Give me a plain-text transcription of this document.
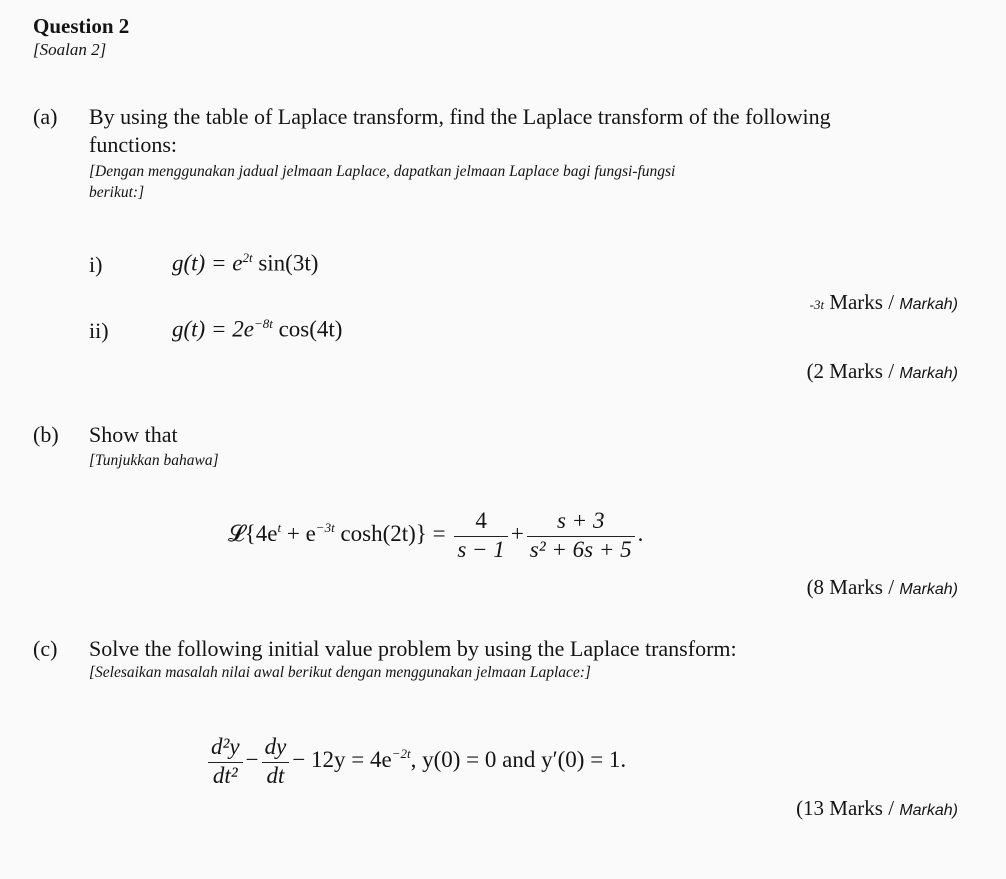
Question 2
[Soalan 2]
(a) By using the table of Laplace transform, find the Laplace transform of the following
functions:
[Dengan menggunakan jadual jelmaan Laplace, dapatkan jelmaan Laplace bagi fungsi-fungsi
berikut:]
i)	$g(t) = e^{2t}$ sin(3t)
-3t Marks / Markah)
ii)	$g(t) = 2e^{-8t}$ cos(4t)
(2 Marks / Markah)
(b) Show that
[Tunjukkan bahawa]
$𝓛\{4e^t + e^{-3t}$ $\cosh(2t)\} = \frac{4}{s - 1} + \frac{s + 3}{\text{s² + 6s + 5}}$ .
(8 Marks / Markah)
(c) Solve the following initial value problem by using the Laplace transform:
[Selesaikan masalah nilai awal berikut dengan menggunakan jelmaan Laplace:]
$\frac{\text{d²y}}{\text{dt²}} - \frac{dy}{dt} - 12y = 4e^{-2t}$, y(0) = 0 and y′(0) = 1.
(13 Marks / Markah)
